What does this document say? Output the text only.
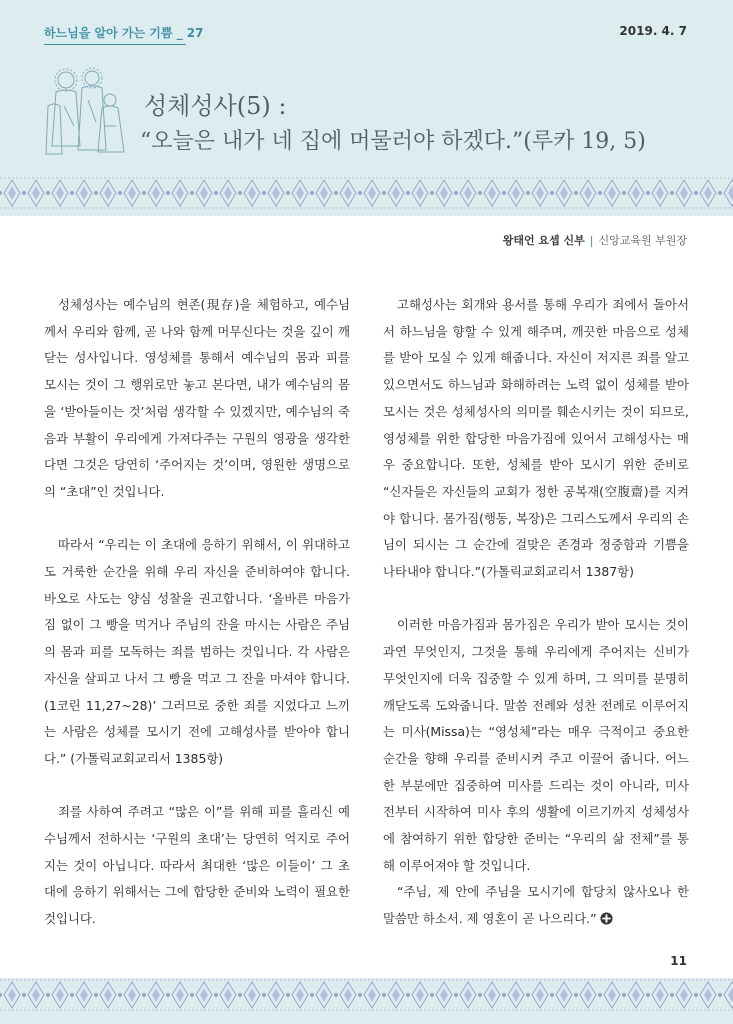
하느님을 알아 가는 기쁨 _ 27	2019. 4. 7
성체성사(5) :
“오늘은 내가 네 집에 머물러야 하겠다.”(루카 19, 5)
왕태언 요셉 신부 | 신앙교육원 부원장

성체성사는 예수님의 현존(現存)을 체험하고, 예수님께서 우리와 함께, 곧 나와 함께 머무신다는 것을 깊이 깨닫는 성사입니다. 영성체를 통해서 예수님의 몸과 피를 모시는 것이 그 행위로만 놓고 본다면, 내가 예수님의 몸을 ‘받아들이는 것’처럼 생각할 수 있겠지만, 예수님의 죽음과 부활이 우리에게 가져다주는 구원의 영광을 생각한다면 그것은 당연히 ‘주어지는 것’이며, 영원한 생명으로의 “초대”인 것입니다.

따라서 “우리는 이 초대에 응하기 위해서, 이 위대하고도 거룩한 순간을 위해 우리 자신을 준비하여야 합니다. 바오로 사도는 양심 성찰을 권고합니다. ‘올바른 마음가짐 없이 그 빵을 먹거나 주님의 잔을 마시는 사람은 주님의 몸과 피를 모독하는 죄를 범하는 것입니다. 각 사람은 자신을 살피고 나서 그 빵을 먹고 그 잔을 마셔야 합니다. (1코린 11,27~28)’ 그러므로 중한 죄를 지었다고 느끼는 사람은 성체를 모시기 전에 고해성사를 받아야 합니다.” (가톨릭교회교리서 1385항)

죄를 사하여 주려고 “많은 이”를 위해 피를 흘리신 예수님께서 전하시는 ‘구원의 초대’는 당연히 억지로 주어지는 것이 아닙니다. 따라서 최대한 ‘많은 이들이’ 그 초대에 응하기 위해서는 그에 합당한 준비와 노력이 필요한 것입니다.

고해성사는 회개와 용서를 통해 우리가 죄에서 돌아서서 하느님을 향할 수 있게 해주며, 깨끗한 마음으로 성체를 받아 모실 수 있게 해줍니다. 자신이 저지른 죄를 알고 있으면서도 하느님과 화해하려는 노력 없이 성체를 받아 모시는 것은 성체성사의 의미를 훼손시키는 것이 되므로, 영성체를 위한 합당한 마음가짐에 있어서 고해성사는 매우 중요합니다. 또한, 성체를 받아 모시기 위한 준비로 “신자들은 자신들의 교회가 정한 공복재(空腹齋)를 지켜야 합니다. 몸가짐(행동, 복장)은 그리스도께서 우리의 손님이 되시는 그 순간에 걸맞은 존경과 정중함과 기쁨을 나타내야 합니다.”(가톨릭교회교리서 1387항)

이러한 마음가짐과 몸가짐은 우리가 받아 모시는 것이 과연 무엇인지, 그것을 통해 우리에게 주어지는 신비가 무엇인지에 더욱 집중할 수 있게 하며, 그 의미를 분명히 깨닫도록 도와줍니다. 말씀 전례와 성찬 전례로 이루어지는 미사(Missa)는 “영성체”라는 매우 극적이고 중요한 순간을 향해 우리를 준비시켜 주고 이끌어 줍니다. 어느 한 부분에만 집중하여 미사를 드리는 것이 아니라, 미사 전부터 시작하여 미사 후의 생활에 이르기까지 성체성사에 참여하기 위한 합당한 준비는 “우리의 삶 전체”를 통해 이루어져야 할 것입니다.

“주님, 제 안에 주님을 모시기에 합당치 않사오나 한 말씀만 하소서. 제 영혼이 곧 나으리다.”

11
